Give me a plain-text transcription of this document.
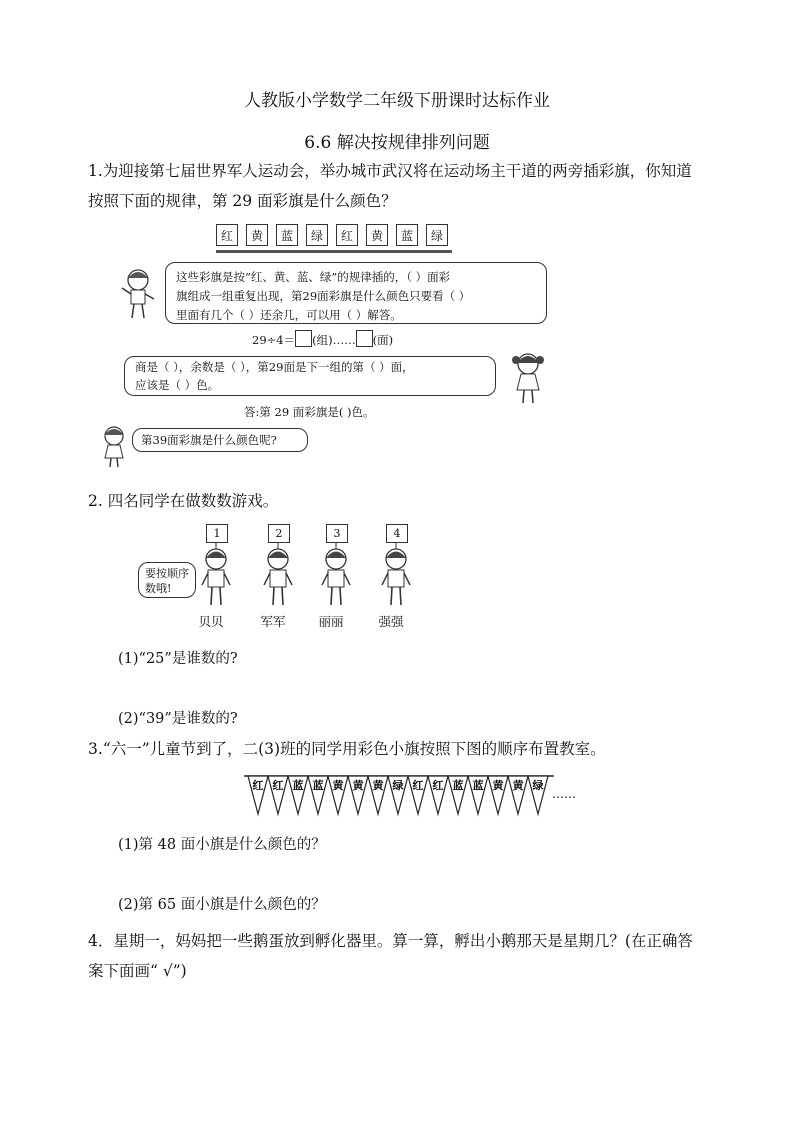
人教版小学数学二年级下册课时达标作业
6.6 解决按规律排列问题
1.为迎接第七届世界军人运动会，举办城市武汉将在运动场主干道的两旁插彩旗，你知道
按照下面的规律，第 29 面彩旗是什么颜色？
红	黄	蓝	绿	红	黄	蓝	绿
这些彩旗是按“红、黄、蓝、绿”的规律插的，（ ）面彩
旗组成一组重复出现，第29面彩旗是什么颜色只要看（ ）
里面有几个（ ）还余几，可以用（ ）解答。
29÷4＝ (组)…… (面)
商是（ ），余数是（ ），第29面是下一组的第（ ）面，
应该是（ ）色。
答:第 29 面彩旗是( )色。
第39面彩旗是什么颜色呢?
2. 四名同学在做数数游戏。
要按顺序数哦!
1	2	3	4
贝贝	军军	丽丽	强强
(1)“25”是谁数的?
(2)“39”是谁数的?
3.“六一”儿童节到了，二(3)班的同学用彩色小旗按照下图的顺序布置教室。
红 红 蓝 蓝 黄 黄 黄 绿 红 红 蓝 蓝 黄 黄 绿
……
(1)第 48 面小旗是什么颜色的？
(2)第 65 面小旗是什么颜色的？
4．星期一，妈妈把一些鹅蛋放到孵化器里。算一算，孵出小鹅那天是星期几？(在正确答
案下面画“ √”)
